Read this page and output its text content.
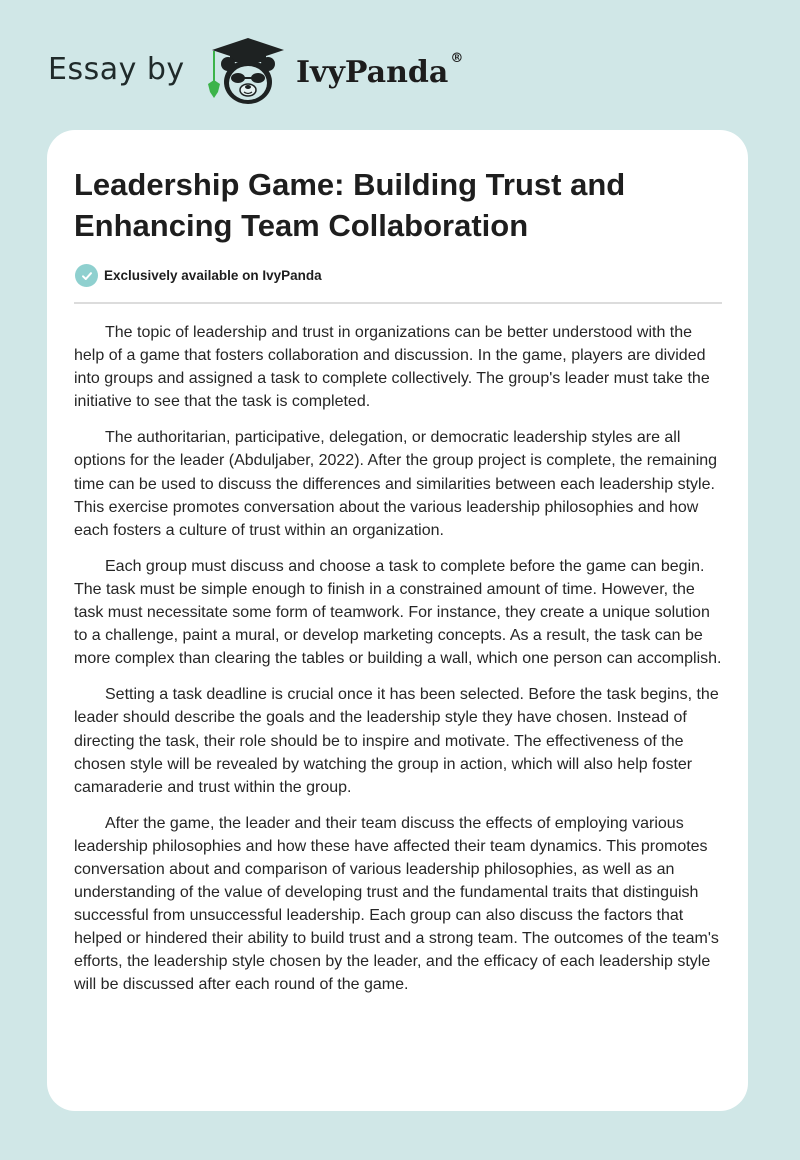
Essay by	IvyPanda ®
Leadership Game: Building Trust and Enhancing Team Collaboration
Exclusively available on IvyPanda

The topic of leadership and trust in organizations can be better understood with the help of a game that fosters collaboration and discussion. In the game, players are divided into groups and assigned a task to complete collectively. The group's leader must take the initiative to see that the task is completed.

The authoritarian, participative, delegation, or democratic leadership styles are all options for the leader (Abduljaber, 2022). After the group project is complete, the remaining time can be used to discuss the differences and similarities between each leadership style. This exercise promotes conversation about the various leadership philosophies and how each fosters a culture of trust within an organization.

Each group must discuss and choose a task to complete before the game can begin. The task must be simple enough to finish in a constrained amount of time. However, the task must necessitate some form of teamwork. For instance, they create a unique solution to a challenge, paint a mural, or develop marketing concepts. As a result, the task can be more complex than clearing the tables or building a wall, which one person can accomplish.

Setting a task deadline is crucial once it has been selected. Before the task begins, the leader should describe the goals and the leadership style they have chosen. Instead of directing the task, their role should be to inspire and motivate. The effectiveness of the chosen style will be revealed by watching the group in action, which will also help foster camaraderie and trust within the group.

After the game, the leader and their team discuss the effects of employing various leadership philosophies and how these have affected their team dynamics. This promotes conversation about and comparison of various leadership philosophies, as well as an understanding of the value of developing trust and the fundamental traits that distinguish successful from unsuccessful leadership. Each group can also discuss the factors that helped or hindered their ability to build trust and a strong team. The outcomes of the team's efforts, the leadership style chosen by the leader, and the efficacy of each leadership style will be discussed after each round of the game.
